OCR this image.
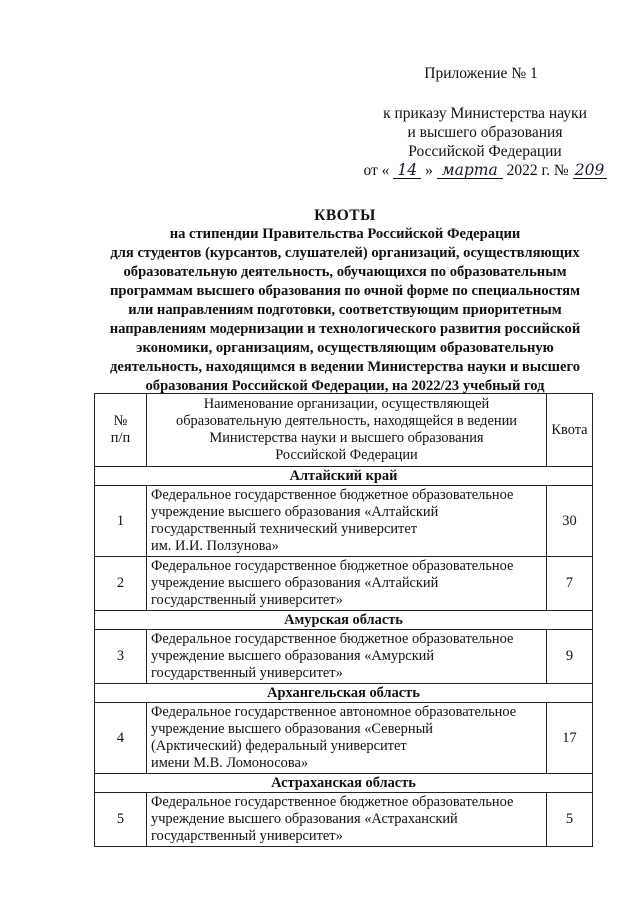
Приложение № 1
к приказу Министерства науки
и высшего образования
Российской Федерации
от « 14 » марта 2022 г. № 209
КВОТЫ
на стипендии Правительства Российской Федерации
для студентов (курсантов, слушателей) организаций, осуществляющих
образовательную деятельность, обучающихся по образовательным
программам высшего образования по очной форме по специальностям
или направлениям подготовки, соответствующим приоритетным
направлениям модернизации и технологического развития российской
экономики, организациям, осуществляющим образовательную
деятельность, находящимся в ведении Министерства науки и высшего
образования Российской Федерации, на 2022/23 учебный год
№
п/п	Наименование организации, осуществляющей
образовательную деятельность, находящейся в ведении
Министерства науки и высшего образования
Российской Федерации	Квота
Алтайский край		
1	Федеральное государственное бюджетное образовательное
учреждение высшего образования «Алтайский
государственный технический университет
им. И.И. Ползунова»	30
2	Федеральное государственное бюджетное образовательное
учреждение высшего образования «Алтайский
государственный университет»	7
Амурская область		
3	Федеральное государственное бюджетное образовательное
учреждение высшего образования «Амурский
государственный университет»	9
Архангельская область		
4	Федеральное государственное автономное образовательное
учреждение высшего образования «Северный
(Арктический) федеральный университет
имени М.В. Ломоносова»	17
Астраханская область		
5	Федеральное государственное бюджетное образовательное
учреждение высшего образования «Астраханский
государственный университет»	5
